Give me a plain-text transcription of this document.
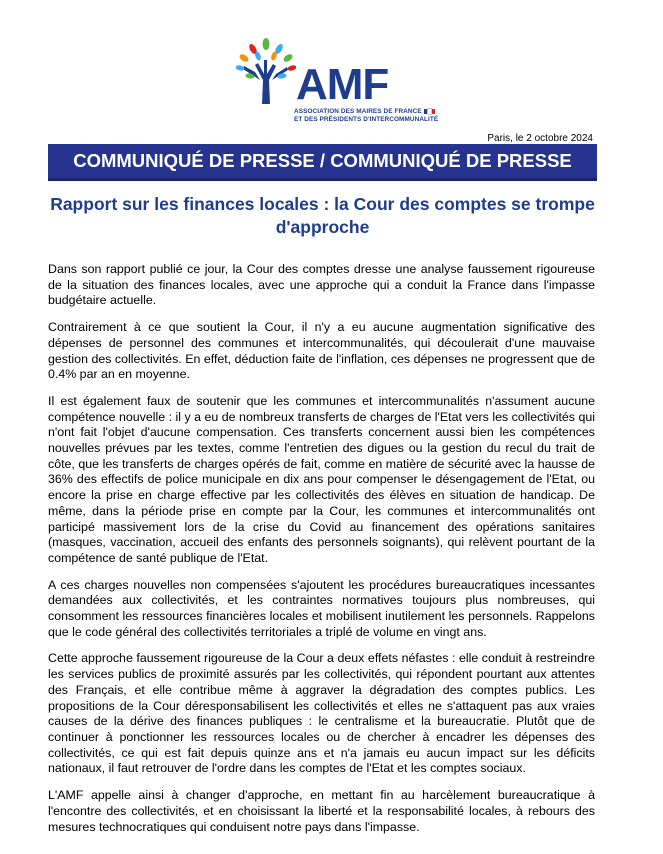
AMF
ASSOCIATION DES MAIRES DE FRANCE
ET DES PRÉSIDENTS D'INTERCOMMUNALITÉ
Paris, le 2 octobre 2024
COMMUNIQUÉ DE PRESSE / COMMUNIQUÉ DE PRESSE
Rapport sur les finances locales : la Cour des comptes se trompe
d'approche

Dans son rapport publié ce jour, la Cour des comptes dresse une analyse faussement rigoureuse de la situation des finances locales, avec une approche qui a conduit la France dans l'impasse budgétaire actuelle.

Contrairement à ce que soutient la Cour, il n'y a eu aucune augmentation significative des dépenses de personnel des communes et intercommunalités, qui découlerait d'une mauvaise gestion des collectivités. En effet, déduction faite de l'inflation, ces dépenses ne progressent que de 0.4% par an en moyenne.

Il est également faux de soutenir que les communes et intercommunalités n'assument aucune compétence nouvelle : il y a eu de nombreux transferts de charges de l'Etat vers les collectivités qui n'ont fait l'objet d'aucune compensation. Ces transferts concernent aussi bien les compétences nouvelles prévues par les textes, comme l'entretien des digues ou la gestion du recul du trait de côte, que les transferts de charges opérés de fait, comme en matière de sécurité avec la hausse de 36% des effectifs de police municipale en dix ans pour compenser le désengagement de l'Etat, ou encore la prise en charge effective par les collectivités des élèves en situation de handicap. De même, dans la période prise en compte par la Cour, les communes et intercommunalités ont participé massivement lors de la crise du Covid au financement des opérations sanitaires (masques, vaccination, accueil des enfants des personnels soignants), qui relèvent pourtant de la compétence de santé publique de l'Etat.

A ces charges nouvelles non compensées s'ajoutent les procédures bureaucratiques incessantes demandées aux collectivités, et les contraintes normatives toujours plus nombreuses, qui consomment les ressources financières locales et mobilisent inutilement les personnels. Rappelons que le code général des collectivités territoriales a triplé de volume en vingt ans.

Cette approche faussement rigoureuse de la Cour a deux effets néfastes : elle conduit à restreindre les services publics de proximité assurés par les collectivités, qui répondent pourtant aux attentes des Français, et elle contribue même à aggraver la dégradation des comptes publics. Les propositions de la Cour déresponsabilisent les collectivités et elles ne s'attaquent pas aux vraies causes de la dérive des finances publiques : le centralisme et la bureaucratie. Plutôt que de continuer à ponctionner les ressources locales ou de chercher à encadrer les dépenses des collectivités, ce qui est fait depuis quinze ans et n'a jamais eu aucun impact sur les déficits nationaux, il faut retrouver de l'ordre dans les comptes de l'Etat et les comptes sociaux.

L'AMF appelle ainsi à changer d'approche, en mettant fin au harcèlement bureaucratique à l'encontre des collectivités, et en choisissant la liberté et la responsabilité locales, à rebours des mesures technocratiques qui conduisent notre pays dans l'impasse.
